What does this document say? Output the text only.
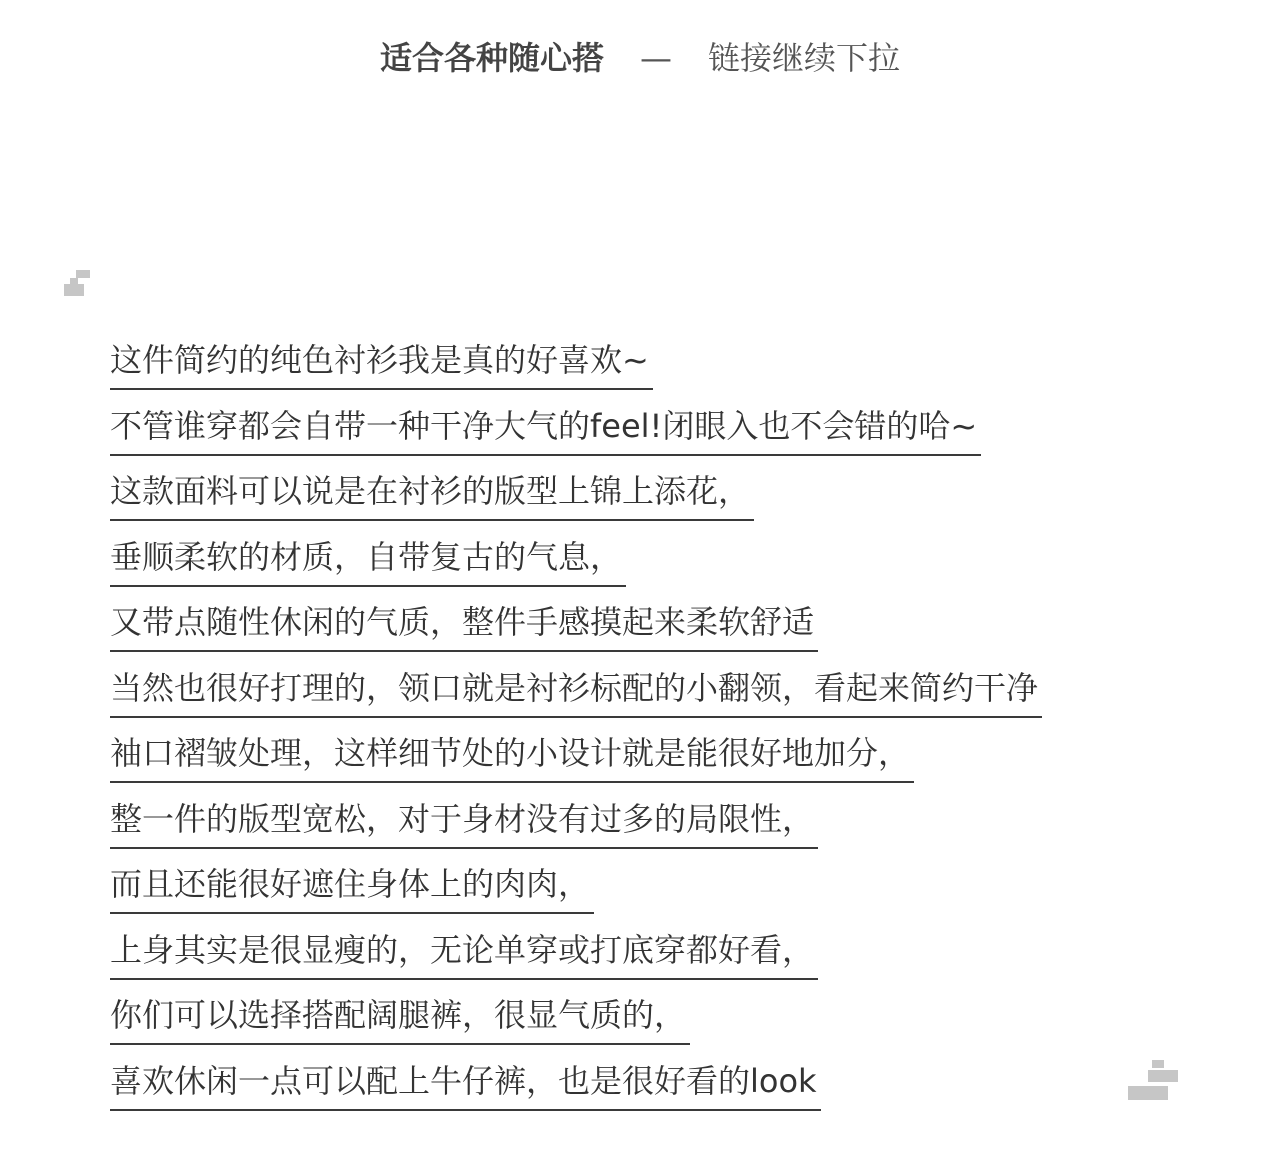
适合各种随心搭 — 链接继续下拉
这件简约的纯色衬衫我是真的好喜欢~
不管谁穿都会自带一种干净大气的feel!闭眼入也不会错的哈~
这款面料可以说是在衬衫的版型上锦上添花，
垂顺柔软的材质，自带复古的气息，
又带点随性休闲的气质，整件手感摸起来柔软舒适
当然也很好打理的，领口就是衬衫标配的小翻领，看起来简约干净
袖口褶皱处理，这样细节处的小设计就是能很好地加分，
整一件的版型宽松，对于身材没有过多的局限性，
而且还能很好遮住身体上的肉肉，
上身其实是很显瘦的，无论单穿或打底穿都好看，
你们可以选择搭配阔腿裤，很显气质的，
喜欢休闲一点可以配上牛仔裤，也是很好看的look
